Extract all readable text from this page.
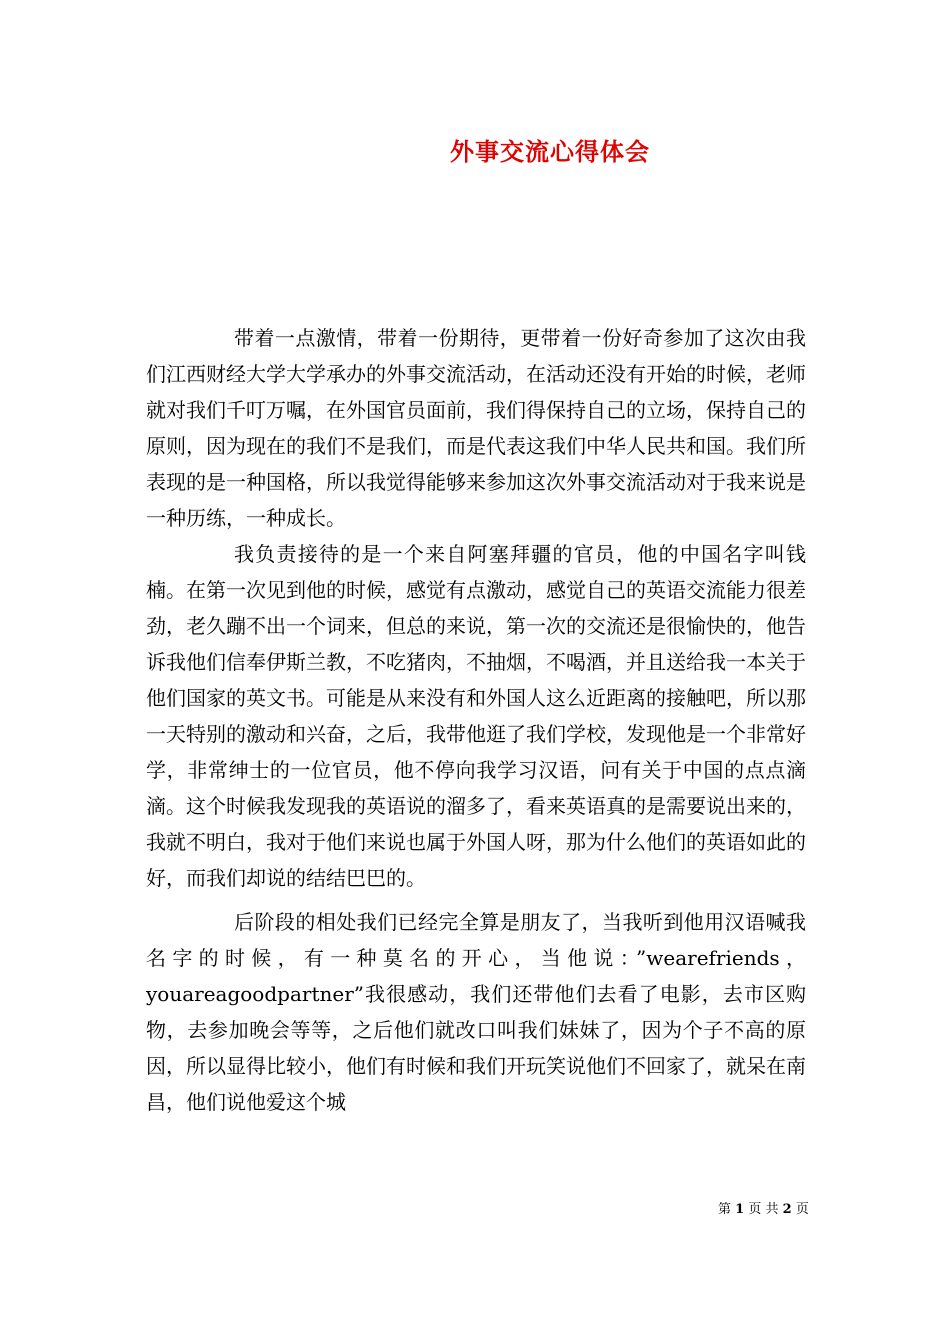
外事交流心得体会

带着一点激情，带着一份期待，更带着一份好奇参加了这次由我们江西财经大学大学承办的外事交流活动，在活动还没有开始的时候，老师就对我们千叮万嘱，在外国官员面前，我们得保持自己的立场，保持自己的原则，因为现在的我们不是我们，而是代表这我们中华人民共和国。我们所表现的是一种国格，所以我觉得能够来参加这次外事交流活动对于我来说是一种历练，一种成长。

我负责接待的是一个来自阿塞拜疆的官员，他的中国名字叫钱楠。在第一次见到他的时候，感觉有点激动，感觉自己的英语交流能力很差劲，老久蹦不出一个词来，但总的来说，第一次的交流还是很愉快的，他告诉我他们信奉伊斯兰教，不吃猪肉，不抽烟，不喝酒，并且送给我一本关于他们国家的英文书。可能是从来没有和外国人这么近距离的接触吧，所以那一天特别的激动和兴奋，之后，我带他逛了我们学校，发现他是一个非常好学，非常绅士的一位官员，他不停向我学习汉语，问有关于中国的点点滴滴。这个时候我发现我的英语说的溜多了，看来英语真的是需要说出来的，我就不明白，我对于他们来说也属于外国人呀，那为什么他们的英语如此的好，而我们却说的结结巴巴的。

后阶段的相处我们已经完全算是朋友了，当我听到他用汉语喊我名字的时候，有一种莫名的开心，当他说：”wearefriends，youareagoodpartner”我很感动，我们还带他们去看了电影，去市区购物，去参加晚会等等，之后他们就改口叫我们妹妹了，因为个子不高的原因，所以显得比较小，他们有时候和我们开玩笑说他们不回家了，就呆在南昌，他们说他爱这个城

第 1 页 共 2 页
